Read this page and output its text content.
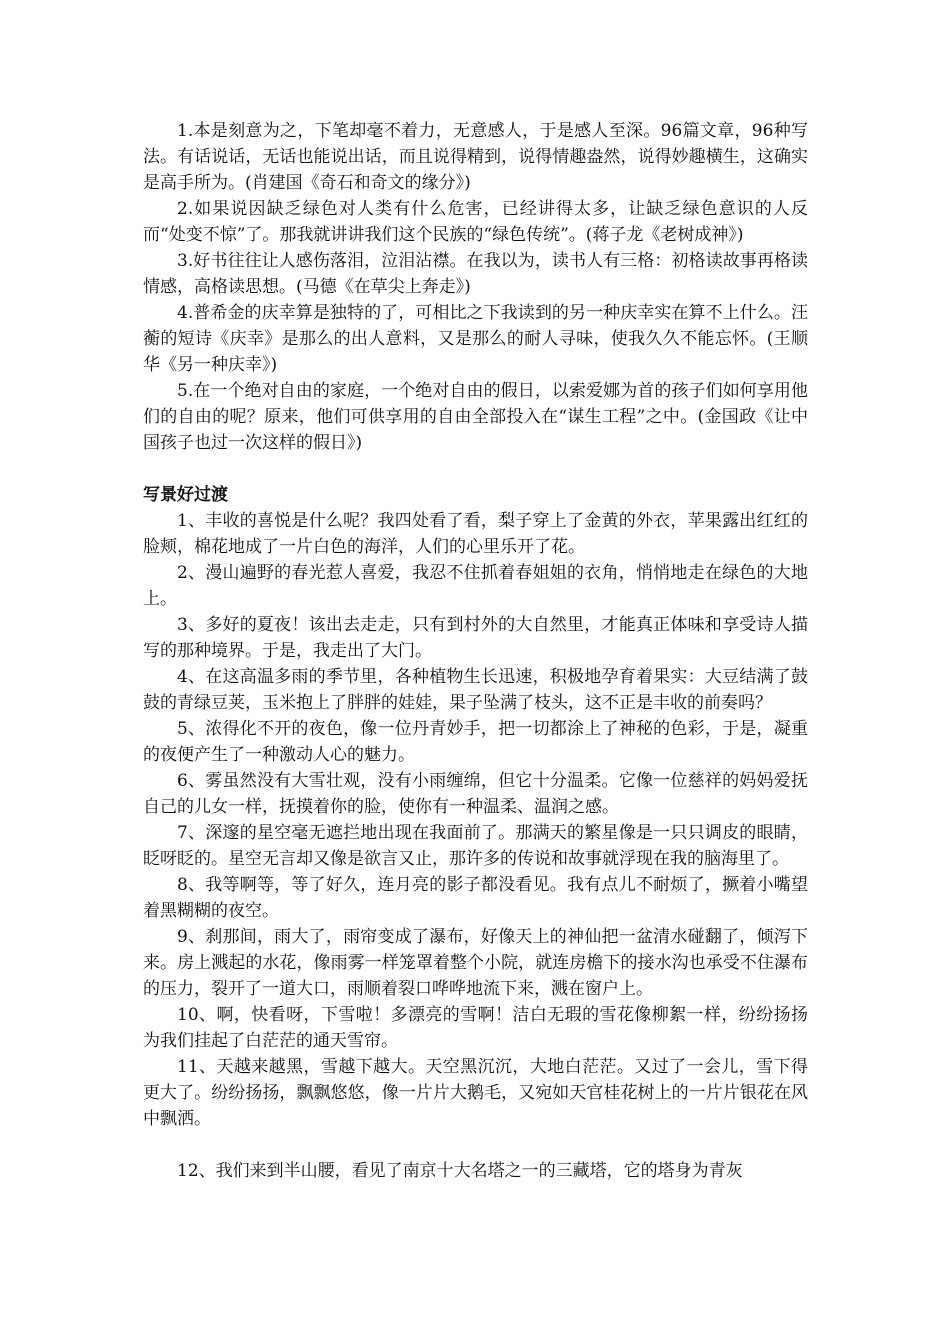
1.本是刻意为之，下笔却毫不着力，无意感人，于是感人至深。96篇文章，96种写法。有话说话，无话也能说出话，而且说得精到，说得情趣盎然，说得妙趣横生，这确实是高手所为。(肖建国《奇石和奇文的缘分》)

2.如果说因缺乏绿色对人类有什么危害，已经讲得太多，让缺乏绿色意识的人反而“处变不惊”了。那我就讲讲我们这个民族的“绿色传统”。(蒋子龙《老树成神》)

3.好书往往让人感伤落泪，泣泪沾襟。在我以为，读书人有三格：初格读故事再格读情感，高格读思想。(马德《在草尖上奔走》)

4.普希金的庆幸算是独特的了，可相比之下我读到的另一种庆幸实在算不上什么。汪蘅的短诗《庆幸》是那么的出人意料，又是那么的耐人寻味，使我久久不能忘怀。(王顺华《另一种庆幸》)

5.在一个绝对自由的家庭，一个绝对自由的假日，以索爱娜为首的孩子们如何享用他们的自由的呢？原来，他们可供享用的自由全部投入在“谋生工程”之中。(金国政《让中国孩子也过一次这样的假日》)

写景好过渡

1、丰收的喜悦是什么呢？我四处看了看，梨子穿上了金黄的外衣，苹果露出红红的脸颊，棉花地成了一片白色的海洋，人们的心里乐开了花。

2、漫山遍野的春光惹人喜爱，我忍不住抓着春姐姐的衣角，悄悄地走在绿色的大地上。

3、多好的夏夜！该出去走走，只有到村外的大自然里，才能真正体味和享受诗人描写的那种境界。于是，我走出了大门。

4、在这高温多雨的季节里，各种植物生长迅速，积极地孕育着果实：大豆结满了鼓鼓的青绿豆荚，玉米抱上了胖胖的娃娃，果子坠满了枝头，这不正是丰收的前奏吗？

5、浓得化不开的夜色，像一位丹青妙手，把一切都涂上了神秘的色彩，于是，凝重的夜便产生了一种激动人心的魅力。

6、雾虽然没有大雪壮观，没有小雨缠绵，但它十分温柔。它像一位慈祥的妈妈爱抚自己的儿女一样，抚摸着你的脸，使你有一种温柔、温润之感。

7、深邃的星空毫无遮拦地出现在我面前了。那满天的繁星像是一只只调皮的眼睛，眨呀眨的。星空无言却又像是欲言又止，那许多的传说和故事就浮现在我的脑海里了。

8、我等啊等，等了好久，连月亮的影子都没看见。我有点儿不耐烦了，撅着小嘴望着黑糊糊的夜空。

9、刹那间，雨大了，雨帘变成了瀑布，好像天上的神仙把一盆清水碰翻了，倾泻下来。房上溅起的水花，像雨雾一样笼罩着整个小院，就连房檐下的接水沟也承受不住瀑布的压力，裂开了一道大口，雨顺着裂口哗哗地流下来，溅在窗户上。

10、啊，快看呀，下雪啦！多漂亮的雪啊！洁白无瑕的雪花像柳絮一样，纷纷扬扬为我们挂起了白茫茫的通天雪帘。

11、天越来越黑，雪越下越大。天空黑沉沉，大地白茫茫。又过了一会儿，雪下得更大了。纷纷扬扬，飘飘悠悠，像一片片大鹅毛，又宛如天官桂花树上的一片片银花在风中飘洒。

12、我们来到半山腰，看见了南京十大名塔之一的三藏塔，它的塔身为青灰
